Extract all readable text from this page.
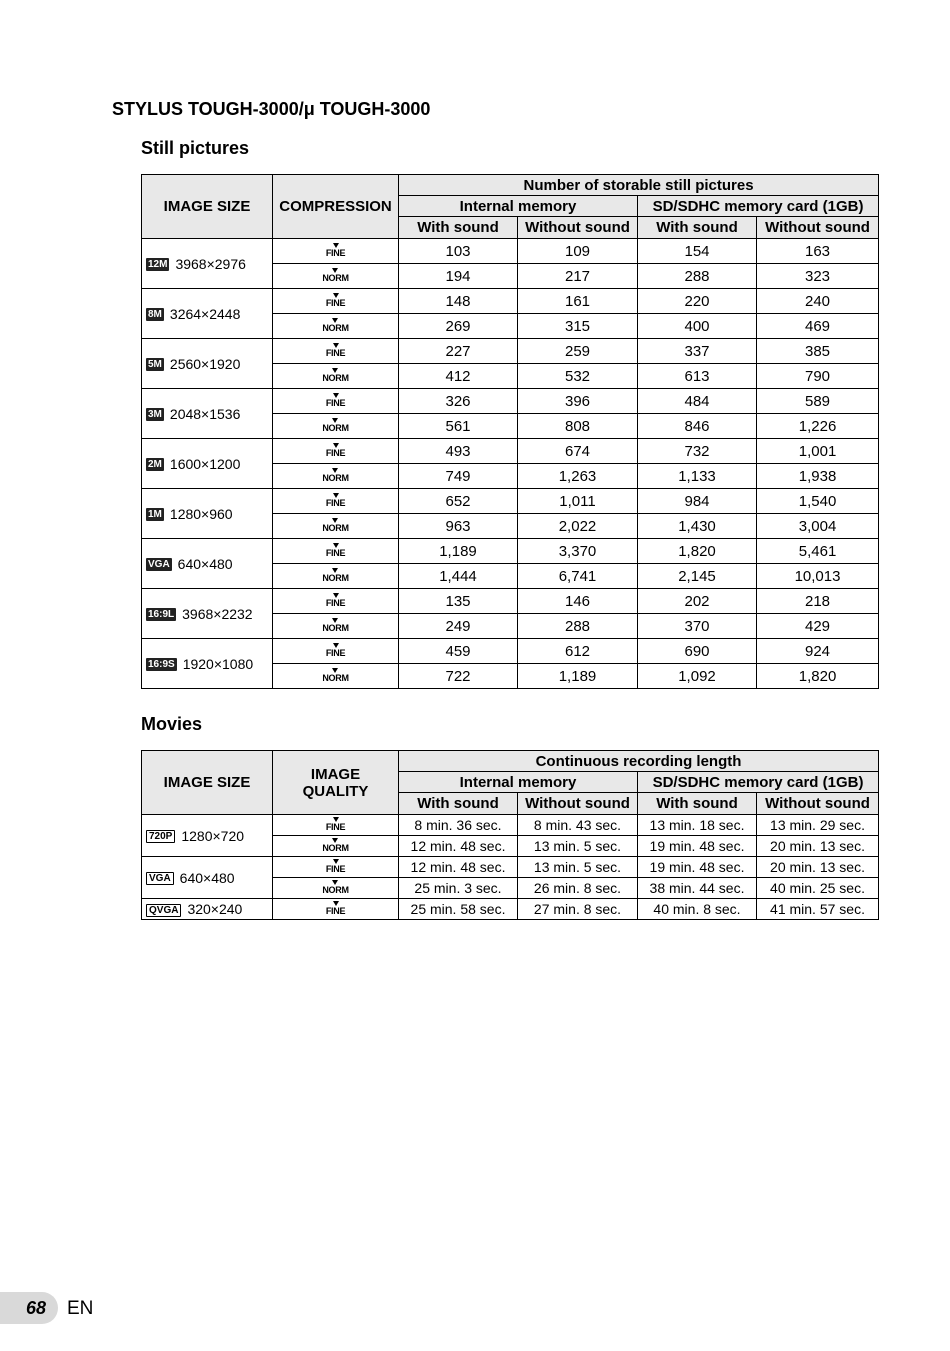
STYLUS TOUGH-3000/μ TOUGH-3000
Still pictures
IMAGE SIZE	COMPRESSION	Number of storable still pictures			
		Internal memory		SD/SDHC memory card (1GB)	
		With sound	Without sound	With sound	Without sound
12M 3968×2976	FINE	103	109	154	163
	NORM	194	217	288	323
8M 3264×2448	FINE	148	161	220	240
	NORM	269	315	400	469
5M 2560×1920	FINE	227	259	337	385
	NORM	412	532	613	790
3M 2048×1536	FINE	326	396	484	589
	NORM	561	808	846	1,226
2M 1600×1200	FINE	493	674	732	1,001
	NORM	749	1,263	1,133	1,938
1M 1280×960	FINE	652	1,011	984	1,540
	NORM	963	2,022	1,430	3,004
VGA 640×480	FINE	1,189	3,370	1,820	5,461
	NORM	1,444	6,741	2,145	10,013
16:9L 3968×2232	FINE	135	146	202	218
	NORM	249	288	370	429
16:9S 1920×1080	FINE	459	612	690	924
	NORM	722	1,189	1,092	1,820
Movies
IMAGE SIZE	IMAGE QUALITY	Continuous recording length			
		Internal memory		SD/SDHC memory card (1GB)	
		With sound	Without sound	With sound	Without sound
720P 1280×720	FINE	8 min. 36 sec.	8 min. 43 sec.	13 min. 18 sec.	13 min. 29 sec.
	NORM	12 min. 48 sec.	13 min. 5 sec.	19 min. 48 sec.	20 min. 13 sec.
VGA 640×480	FINE	12 min. 48 sec.	13 min. 5 sec.	19 min. 48 sec.	20 min. 13 sec.
	NORM	25 min. 3 sec.	26 min. 8 sec.	38 min. 44 sec.	40 min. 25 sec.
QVGA 320×240	FINE	25 min. 58 sec.	27 min. 8 sec.	40 min. 8 sec.	41 min. 57 sec.
68 EN
